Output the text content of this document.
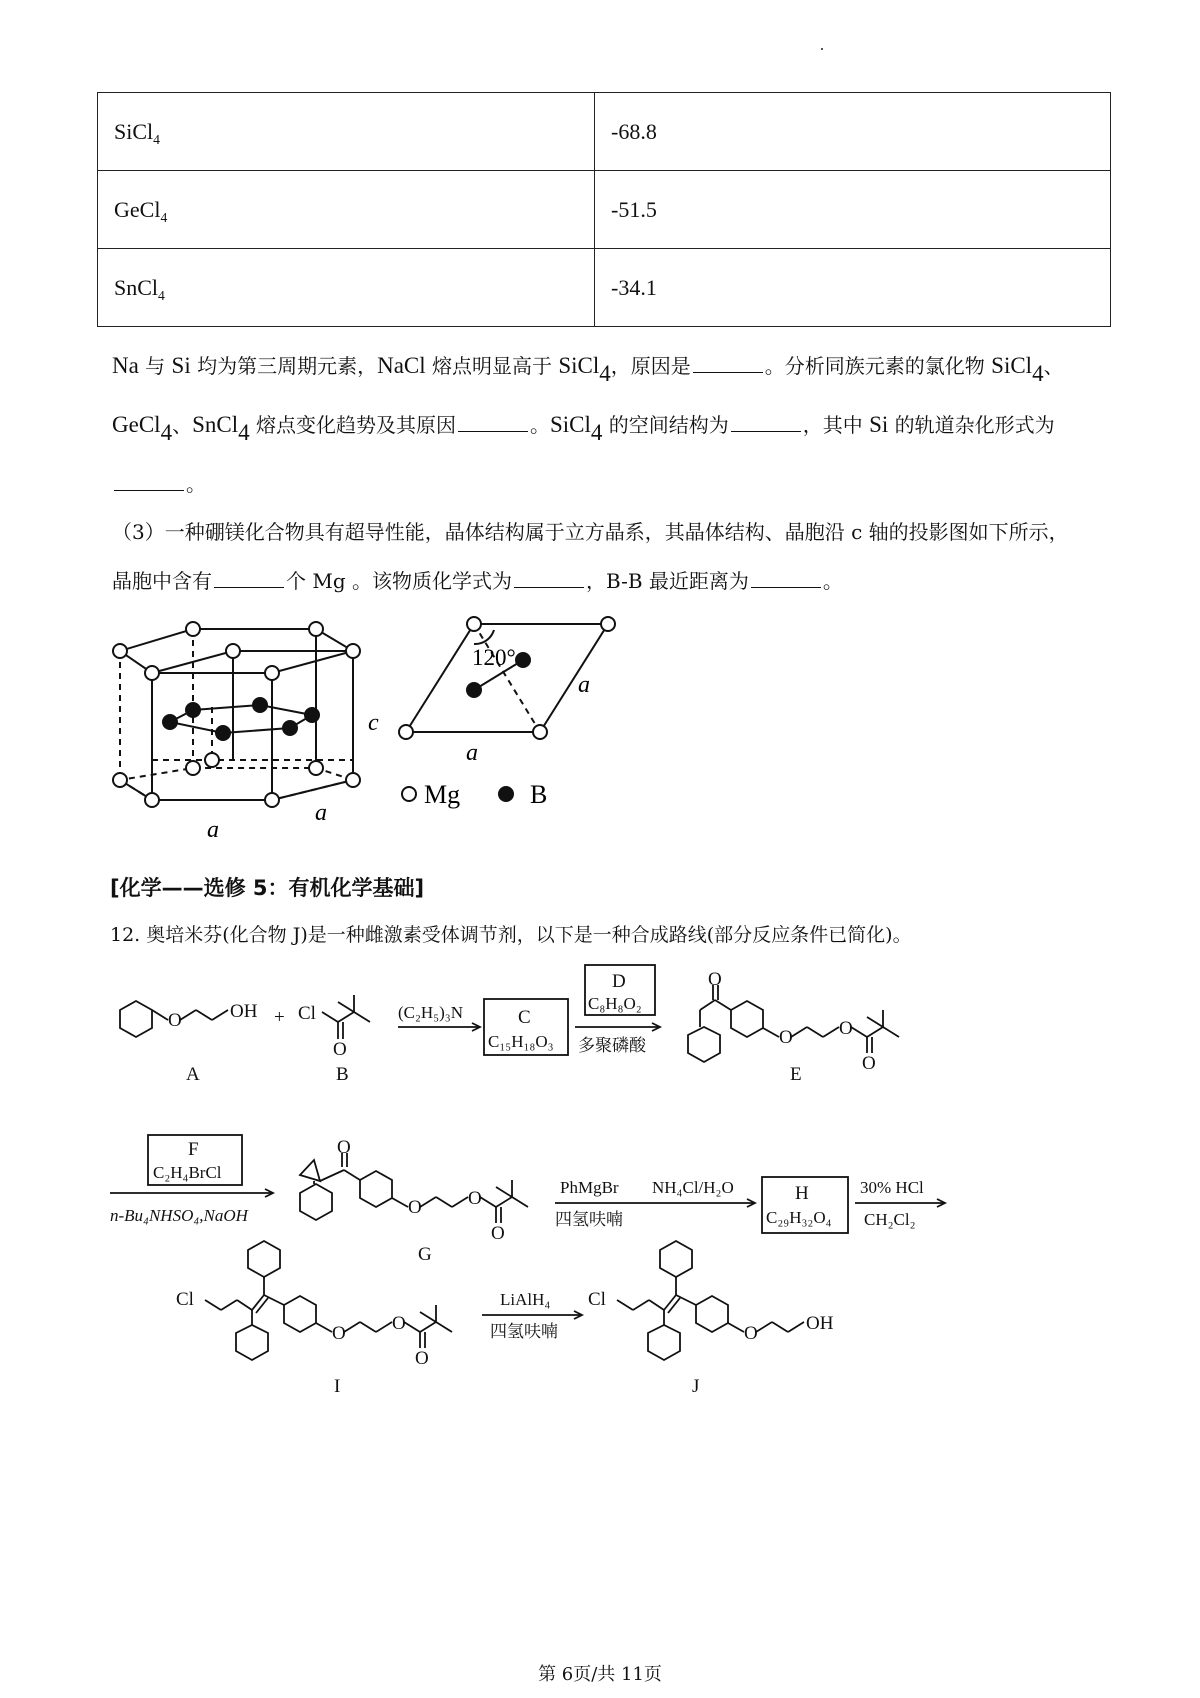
SiCl$_4$	-68.8
GeCl$_4$	-51.5
SnCl$_4$	-34.1
Na 与 Si 均为第三周期元素，NaCl 熔点明显高于 SiCl$_4$，原因是	。分析同族元素的氯化物 SiCl$_4$、
GeCl$_4$、SnCl$_4$ 熔点变化趋势及其原因	。SiCl$_4$ 的空间结构为	，其中 Si 的轨道杂化形式为
。
（3）一种硼镁化合物具有超导性能，晶体结构属于立方晶系，其晶体结构、晶胞沿 c 轴的投影图如下所示，
晶胞中含有	个 Mg 。该物质化学式为	，B-B 最近距离为	。
a
a
c
120°
a
a
Mg	B
[化学——选修 5：有机化学基础]
12. 奥培米芬(化合物 J)是一种雌激素受体调节剂，以下是一种合成路线(部分反应条件已简化)。
O	OH + Cl
O
A	B
(C₂H₅)₃N	C
C₁₅H₁₈O₃
D
C₈H₈O₂
多聚磷酸
O
O O
O
E
F
C₂H₄BrCl
n-Bu₄NHSO₄,NaOH
O
O O
O
G
PhMgBr
四氢呋喃
NH₄Cl/H₂O	H
C₂₉H₃₂O₄
30% HCl
CH₂Cl₂
Cl
O O
O
I
LiAlH₄
四氢呋喃
Cl
O	OH
J
第 6页/共 11页
